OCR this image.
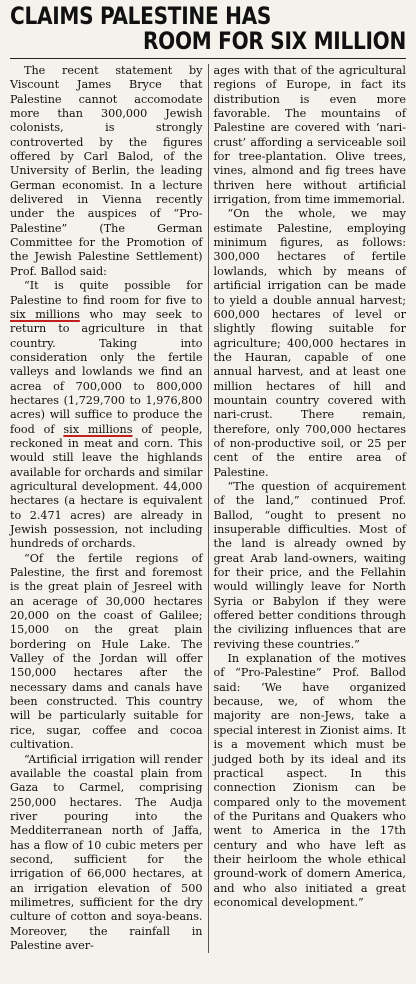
CLAIMS PALESTINE HAS
ROOM FOR SIX MILLION

The recent statement by Viscount James Bryce that Palestine cannot accomodate more than 300,000 Jewish colonists, is strongly controverted by the figures offered by Carl Balod, of the University of Berlin, the leading German economist. In a lecture delivered in Vienna recently under the auspices of “Pro-Palestine” (The German Committee for the Promotion of the Jewish Palestine Settlement) Prof. Ballod said:

“It is quite possible for Palestine to find room for five to six millions who may seek to return to agriculture in that country. Taking into consideration only the fertile valleys and lowlands we find an acrea of 700,000 to 800,000 hectares (1,729,700 to 1,976,800 acres) will suffice to produce the food of six millions of people, reckoned in meat and corn. This would still leave the highlands available for orchards and similar agricultural development. 44,000 hectares (a hectare is equivalent to 2.471 acres) are already in Jewish possession, not including hundreds of orchards.

“Of the fertile regions of Palestine, the first and foremost is the great plain of Jesreel with an acerage of 30,000 hectares 20,000 on the coast of Galilee; 15,000 on the great plain bordering on Hule Lake. The Valley of the Jordan will offer 150,000 hectares after the necessary dams and canals have been constructed. This country will be particularly suitable for rice, sugar, coffee and cocoa cultivation.

“Artificial irrigation will render available the coastal plain from Gaza to Carmel, comprising 250,000 hectares. The Audja river pouring into the Medditerranean north of Jaffa, has a flow of 10 cubic meters per second, sufficient for the irrigation of 66,000 hectares, at an irrigation elevation of 500 milimetres, sufficient for the dry culture of cotton and soya-beans. Moreover, the rainfall in Palestine aver-

ages with that of the agricultural regions of Europe, in fact its distribution is even more favorable. The mountains of Palestine are covered with ‘nari-crust’ affording a serviceable soil for tree-plantation. Olive trees, vines, almond and fig trees have thriven here without artificial irrigation, from time immemorial.

“On the whole, we may estimate Palestine, employing minimum figures, as follows: 300,000 hectares of fertile lowlands, which by means of artificial irrigation can be made to yield a double annual harvest; 600,000 hectares of level or slightly flowing suitable for agriculture; 400,000 hectares in the Hauran, capable of one annual harvest, and at least one million hectares of hill and mountain country covered with nari-crust. There remain, therefore, only 700,000 hectares of non-productive soil, or 25 per cent of the entire area of Palestine.

“The question of acquirement of the land,” continued Prof. Ballod, “ought to present no insuperable difficulties. Most of the land is already owned by great Arab land-owners, waiting for their price, and the Fellahin would willingly leave for North Syria or Babylon if they were offered better conditions through the civilizing influences that are reviving these countries.”

In explanation of the motives of “Pro-Palestine” Prof. Ballod said: ‘We have organized because, we, of whom the majority are non-Jews, take a special interest in Zionist aims. It is a movement which must be judged both by its ideal and its practical aspect. In this connection Zionism can be compared only to the movement of the Puritans and Quakers who went to America in the 17th century and who have left as their heirloom the whole ethical ground-work of domern America, and who also initiated a great economical development.”
